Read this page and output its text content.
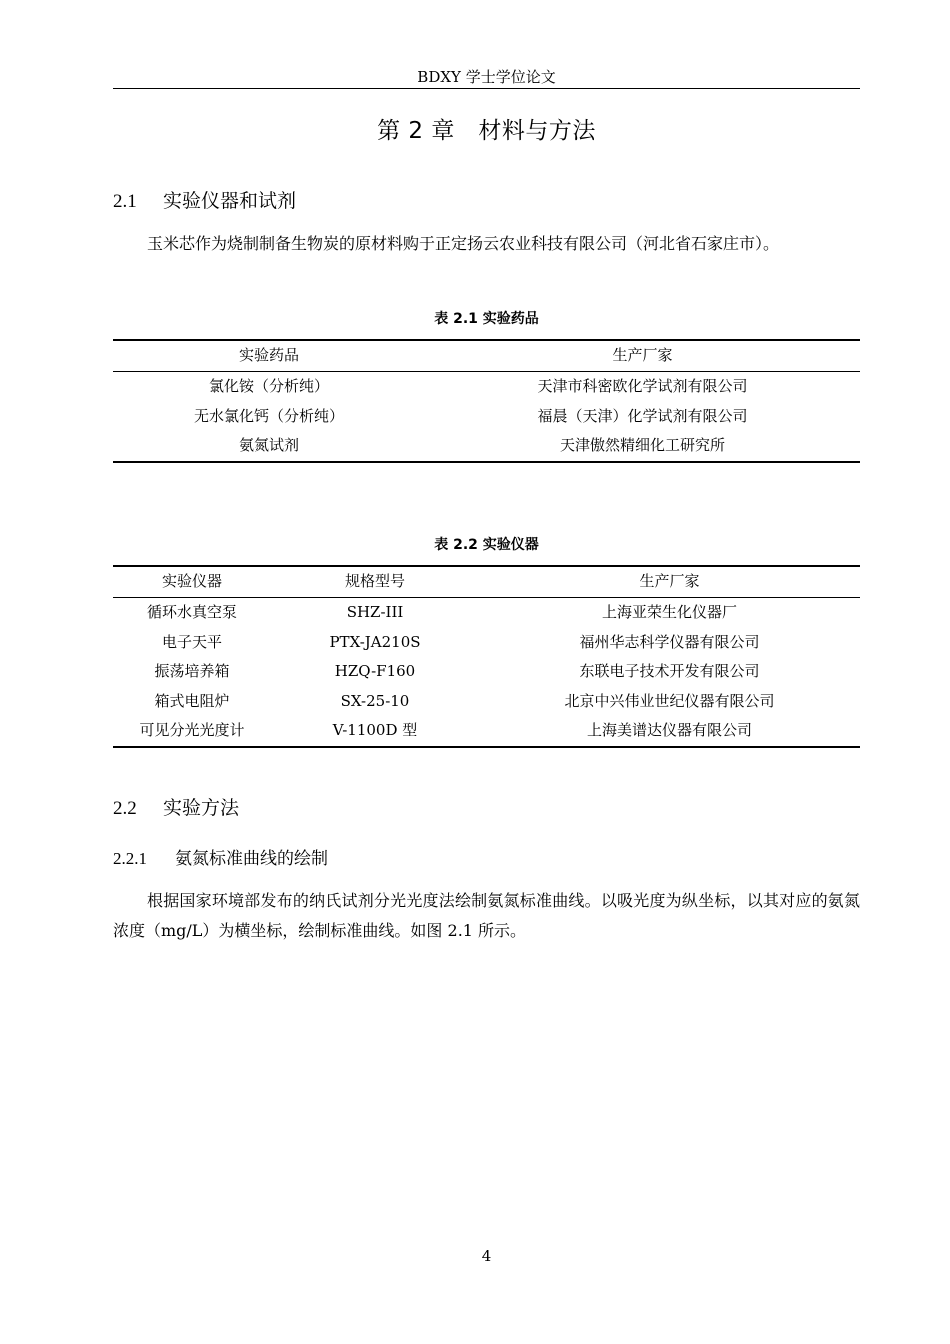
BDXY 学士学位论文
第 2 章　材料与方法
2.1 实验仪器和试剂
玉米芯作为烧制制备生物炭的原材料购于正定扬云农业科技有限公司（河北省石家庄市）。
表 2.1 实验药品
实验药品	生产厂家
氯化铵（分析纯）	天津市科密欧化学试剂有限公司
无水氯化钙（分析纯）	福晨（天津）化学试剂有限公司
氨氮试剂	天津傲然精细化工研究所
表 2.2 实验仪器
实验仪器	规格型号	生产厂家
循环水真空泵	SHZ-III	上海亚荣生化仪器厂
电子天平	PTX-JA210S	福州华志科学仪器有限公司
振荡培养箱	HZQ-F160	东联电子技术开发有限公司
箱式电阻炉	SX-25-10	北京中兴伟业世纪仪器有限公司
可见分光光度计	V-1100D 型	上海美谱达仪器有限公司
2.2 实验方法
2.2.1 氨氮标准曲线的绘制
根据国家环境部发布的纳氏试剂分光光度法绘制氨氮标准曲线。以吸光度为纵坐标，以其对应的氨氮浓度（mg/L）为横坐标，绘制标准曲线。如图 2.1 所示。
4
